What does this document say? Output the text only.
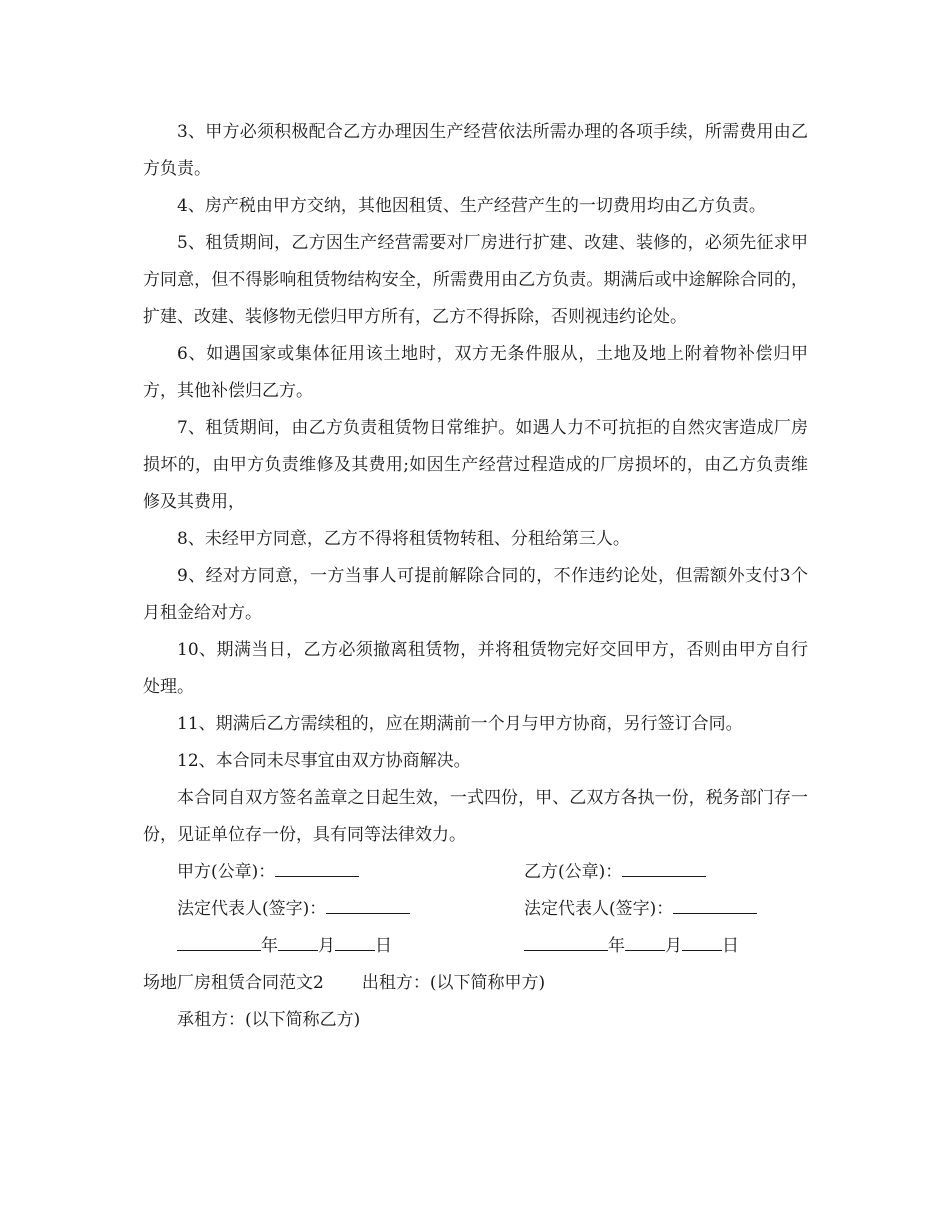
3、甲方必须积极配合乙方办理因生产经营依法所需办理的各项手续，所需费用由乙方负责。

4、房产税由甲方交纳，其他因租赁、生产经营产生的一切费用均由乙方负责。

5、租赁期间，乙方因生产经营需要对厂房进行扩建、改建、装修的，必须先征求甲方同意，但不得影响租赁物结构安全，所需费用由乙方负责。期满后或中途解除合同的，扩建、改建、装修物无偿归甲方所有，乙方不得拆除，否则视违约论处。

6、如遇国家或集体征用该土地时，双方无条件服从，土地及地上附着物补偿归甲方，其他补偿归乙方。

7、租赁期间，由乙方负责租赁物日常维护。如遇人力不可抗拒的自然灾害造成厂房损坏的，由甲方负责维修及其费用;如因生产经营过程造成的厂房损坏的，由乙方负责维修及其费用，

8、未经甲方同意，乙方不得将租赁物转租、分租给第三人。

9、经对方同意，一方当事人可提前解除合同的，不作违约论处，但需额外支付3个月租金给对方。

10、期满当日，乙方必须撤离租赁物，并将租赁物完好交回甲方，否则由甲方自行处理。

11、期满后乙方需续租的，应在期满前一个月与甲方协商，另行签订合同。

12、本合同未尽事宜由双方协商解决。

本合同自双方签名盖章之日起生效，一式四份，甲、乙双方各执一份，税务部门存一份，见证单位存一份，具有同等法律效力。

甲方(公章)：	乙方(公章)：
法定代表人(签字)：	法定代表人(签字)：
年 月 日	年 月 日

场地厂房租赁合同范文2 出租方：(以下简称甲方)

承租方：(以下简称乙方)
